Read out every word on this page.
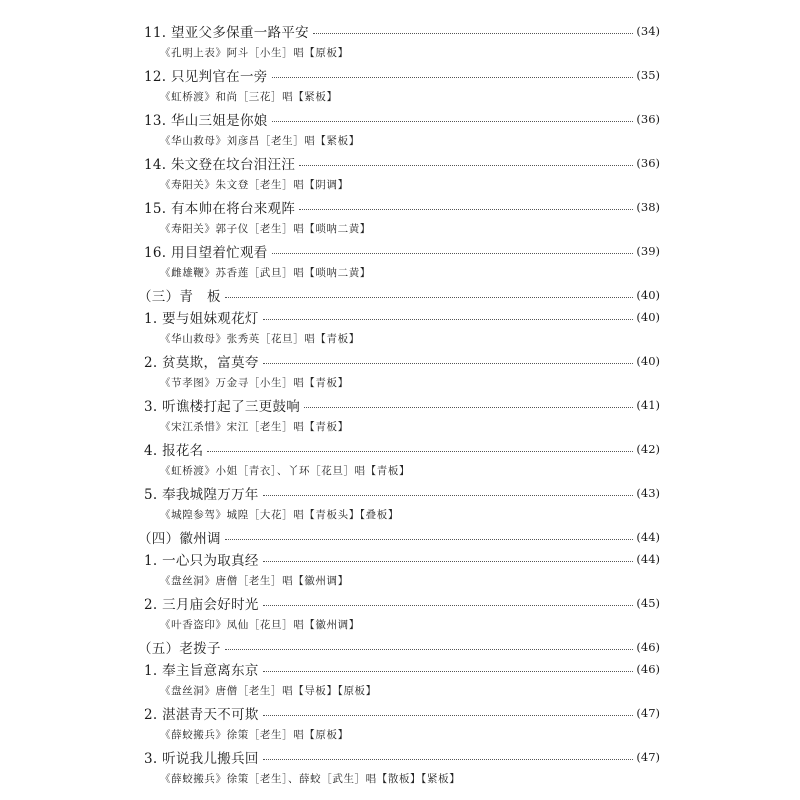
11. 望亚父多保重一路平安	(34)
《孔明上表》阿斗［小生］唱【原板】
12. 只见判官在一旁	(35)
《虹桥渡》和尚［三花］唱【紧板】
13. 华山三姐是你娘	(36)
《华山救母》刘彦昌［老生］唱【紧板】
14. 朱文登在坟台泪汪汪	(36)
《寿阳关》朱文登［老生］唱【阴调】
15. 有本帅在将台来观阵	(38)
《寿阳关》郭子仪［老生］唱【唢呐二黄】
16. 用目望着忙观看	(39)
《雌雄鞭》苏香莲［武旦］唱【唢呐二黄】
（三）青　板	(40)
1. 要与姐妹观花灯	(40)
《华山救母》张秀英［花旦］唱【青板】
2. 贫莫欺，富莫夸	(40)
《节孝图》万金寻［小生］唱【青板】
3. 听谯楼打起了三更鼓响	(41)
《宋江杀惜》宋江［老生］唱【青板】
4. 报花名	(42)
《虹桥渡》小姐［青衣］、丫环［花旦］唱【青板】
5. 奉我城隍万万年	(43)
《城隍参驾》城隍［大花］唱【青板头】【叠板】
（四）徽州调	(44)
1. 一心只为取真经	(44)
《盘丝洞》唐僧［老生］唱【徽州调】
2. 三月庙会好时光	(45)
《叶香盗印》凤仙［花旦］唱【徽州调】
（五）老拨子	(46)
1. 奉主旨意离东京	(46)
《盘丝洞》唐僧［老生］唱【导板】【原板】
2. 湛湛青天不可欺	(47)
《薛蛟搬兵》徐策［老生］唱【原板】
3. 听说我儿搬兵回	(47)
《薛蛟搬兵》徐策［老生］、薛蛟［武生］唱【散板】【紧板】
